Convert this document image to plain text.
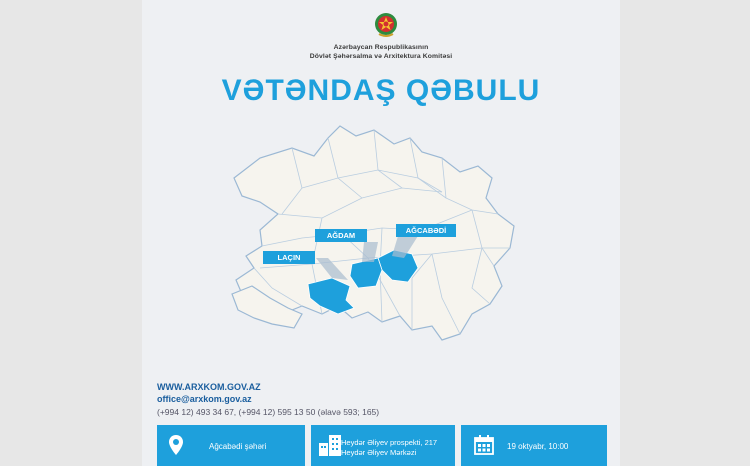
Azərbaycan Respublikasının
Dövlət Şəhərsalma və Arxitektura Komitəsi
VƏTƏNDAŞ QƏBULU
LAÇIN
AĞDAM
AĞCABƏDİ
WWW.ARXKOM.GOV.AZ
office@arxkom.gov.az
(+994 12) 493 34 67, (+994 12) 595 13 50 (əlavə 593; 165)
Ağcabədi şəhəri	Heydər Əliyev prospekti, 217
Heydər Əliyev Mərkəzi
19 oktyabr, 10:00
